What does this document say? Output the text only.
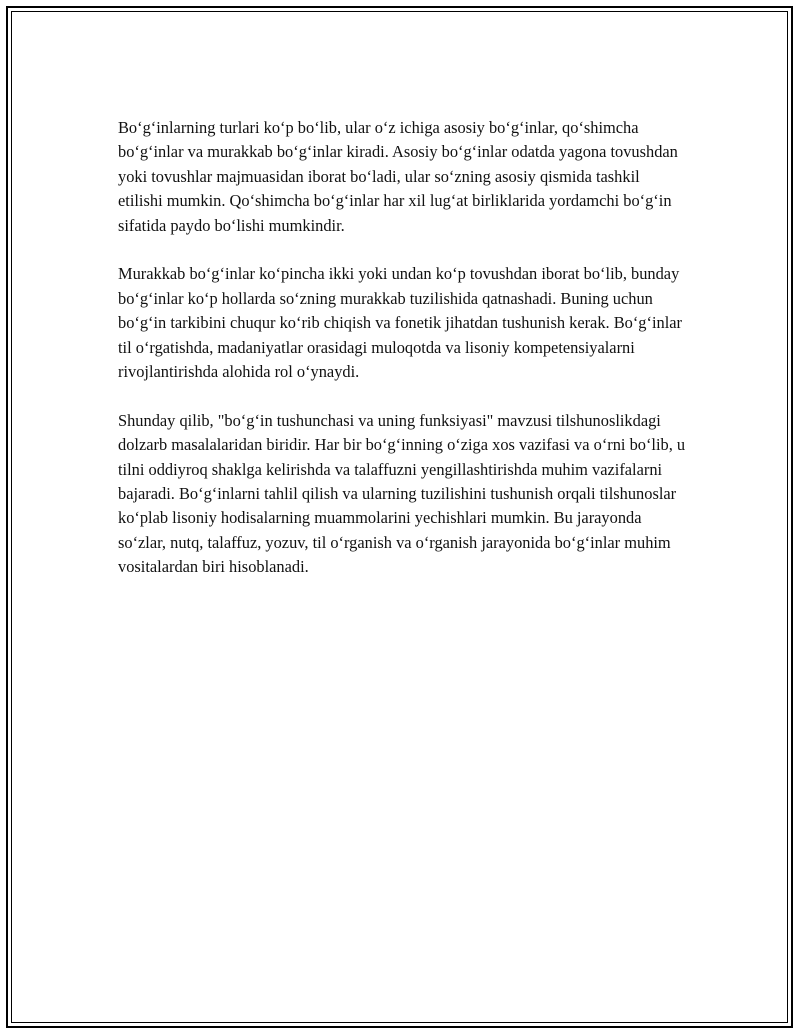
Bo‘g‘inlarning turlari ko‘p bo‘lib, ular o‘z ichiga asosiy bo‘g‘inlar, qo‘shimcha bo‘g‘inlar va murakkab bo‘g‘inlar kiradi. Asosiy bo‘g‘inlar odatda yagona tovushdan yoki tovushlar majmuasidan iborat bo‘ladi, ular so‘zning asosiy qismida tashkil etilishi mumkin. Qo‘shimcha bo‘g‘inlar har xil lug‘at birliklarida yordamchi bo‘g‘in sifatida paydo bo‘lishi mumkindir.

Murakkab bo‘g‘inlar ko‘pincha ikki yoki undan ko‘p tovushdan iborat bo‘lib, bunday bo‘g‘inlar ko‘p hollarda so‘zning murakkab tuzilishida qatnashadi. Buning uchun bo‘g‘in tarkibini chuqur ko‘rib chiqish va fonetik jihatdan tushunish kerak. Bo‘g‘inlar til o‘rgatishda, madaniyatlar orasidagi muloqotda va lisoniy kompetensiyalarni rivojlantirishda alohida rol o‘ynaydi.

Shunday qilib, "bo‘g‘in tushunchasi va uning funksiyasi" mavzusi tilshunoslikdagi dolzarb masalalaridan biridir. Har bir bo‘g‘inning o‘ziga xos vazifasi va o‘rni bo‘lib, u tilni oddiyroq shaklga kelirishda va talaffuzni yengillashtirishda muhim vazifalarni bajaradi. Bo‘g‘inlarni tahlil qilish va ularning tuzilishini tushunish orqali tilshunoslar ko‘plab lisoniy hodisalarning muammolarini yechishlari mumkin. Bu jarayonda so‘zlar, nutq, talaffuz, yozuv, til o‘rganish va o‘rganish jarayonida bo‘g‘inlar muhim vositalardan biri hisoblanadi.
